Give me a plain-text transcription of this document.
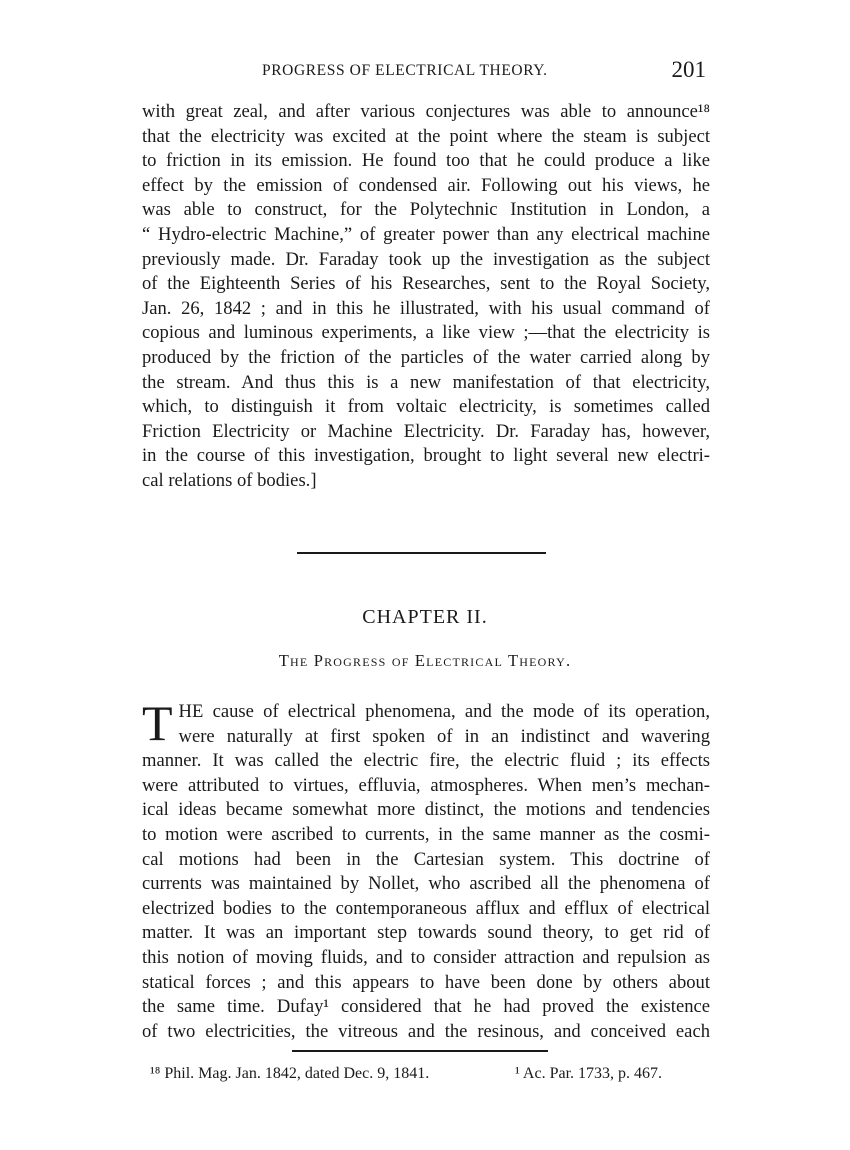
PROGRESS OF ELECTRICAL THEORY.	201
with great zeal, and after various conjectures was able to announce¹⁸
that the electricity was excited at the point where the steam is subject
to friction in its emission. He found too that he could produce a like
effect by the emission of condensed air. Following out his views, he
was able to construct, for the Polytechnic Institution in London, a
“ Hydro-electric Machine,” of greater power than any electrical machine
previously made. Dr. Faraday took up the investigation as the subject
of the Eighteenth Series of his Researches, sent to the Royal Society,
Jan. 26, 1842 ; and in this he illustrated, with his usual command of
copious and luminous experiments, a like view ;—that the electricity is
produced by the friction of the particles of the water carried along by
the stream. And thus this is a new manifestation of that electricity,
which, to distinguish it from voltaic electricity, is sometimes called
Friction Electricity or Machine Electricity. Dr. Faraday has, however,
in the course of this investigation, brought to light several new electri-
cal relations of bodies.]
CHAPTER II.
The Progress of Electrical Theory.
T HE cause of electrical phenomena, and the mode of its operation,
were naturally at first spoken of in an indistinct and wavering
manner. It was called the electric fire, the electric fluid ; its effects
were attributed to virtues, effluvia, atmospheres. When men’s mechan-
ical ideas became somewhat more distinct, the motions and tendencies
to motion were ascribed to currents, in the same manner as the cosmi-
cal motions had been in the Cartesian system. This doctrine of
currents was maintained by Nollet, who ascribed all the phenomena of
electrized bodies to the contemporaneous afflux and efflux of electrical
matter. It was an important step towards sound theory, to get rid of
this notion of moving fluids, and to consider attraction and repulsion as
statical forces ; and this appears to have been done by others about
the same time. Dufay¹ considered that he had proved the existence
of two electricities, the vitreous and the resinous, and conceived each
¹⁸ Phil. Mag. Jan. 1842, dated Dec. 9, 1841.	¹ Ac. Par. 1733, p. 467.
